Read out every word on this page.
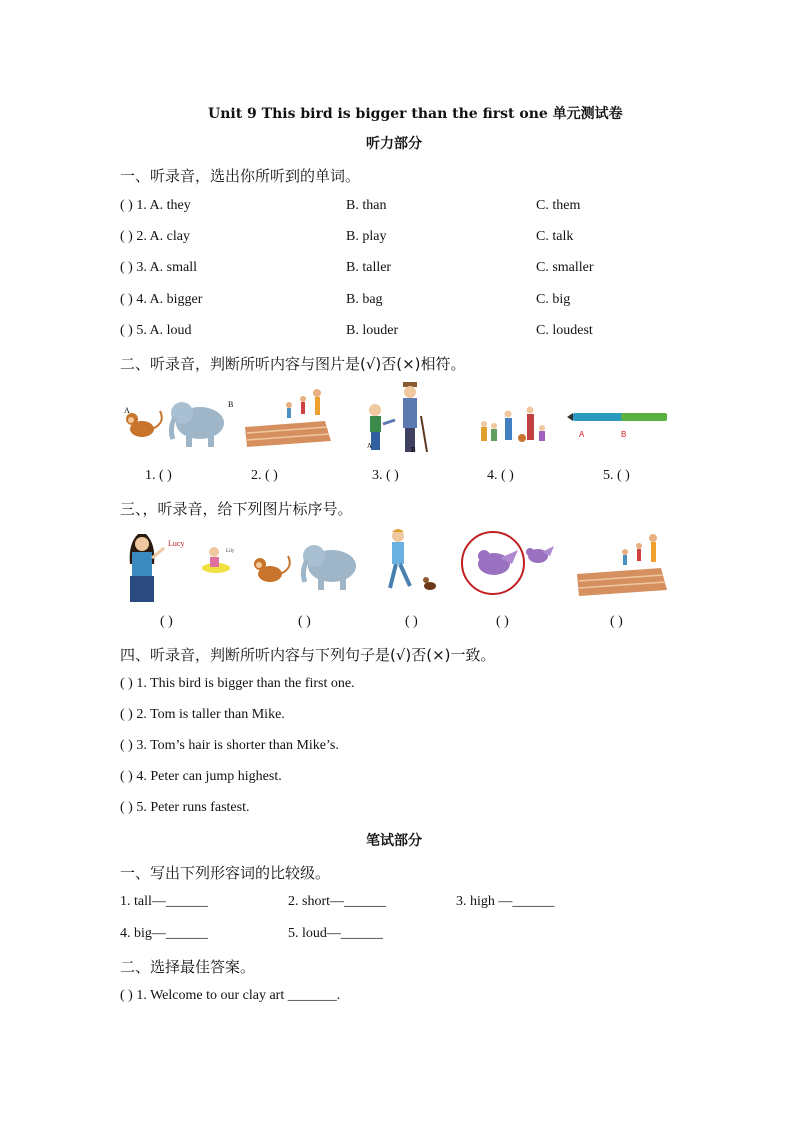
Unit 9 This bird is bigger than the first one 单元测试卷
听力部分
一、听录音，选出你所听到的单词。
( ) 1. A. they	B. than	C. them
( ) 2. A. clay	B. play	C. talk
( ) 3. A. small	B. taller	C. smaller
( ) 4. A. bigger	B. bag	C. big
( ) 5. A. loud	B. louder	C. loudest
二、听录音，判断所听内容与图片是(√)否(×)相符。
A
B
A	B
A	B
1. ( )	2. ( )	3. ( )	4. ( )	5. ( )
三、，听录音，给下列图片标序号。
Lucy
Lily
( )	( )	( )	( )	( )
四、听录音，判断所听内容与下列句子是(√)否(×)一致。
( ) 1. This bird is bigger than the first one.
( ) 2. Tom is taller than Mike.
( ) 3. Tom’s hair is shorter than Mike’s.
( ) 4. Peter can jump highest.
( ) 5. Peter runs fastest.
笔试部分
一、写出下列形容词的比较级。
1. tall—______	2. short—______	3. high —______
4. big—______	5. loud—______
二、选择最佳答案。
( ) 1. Welcome to our clay art _______.
